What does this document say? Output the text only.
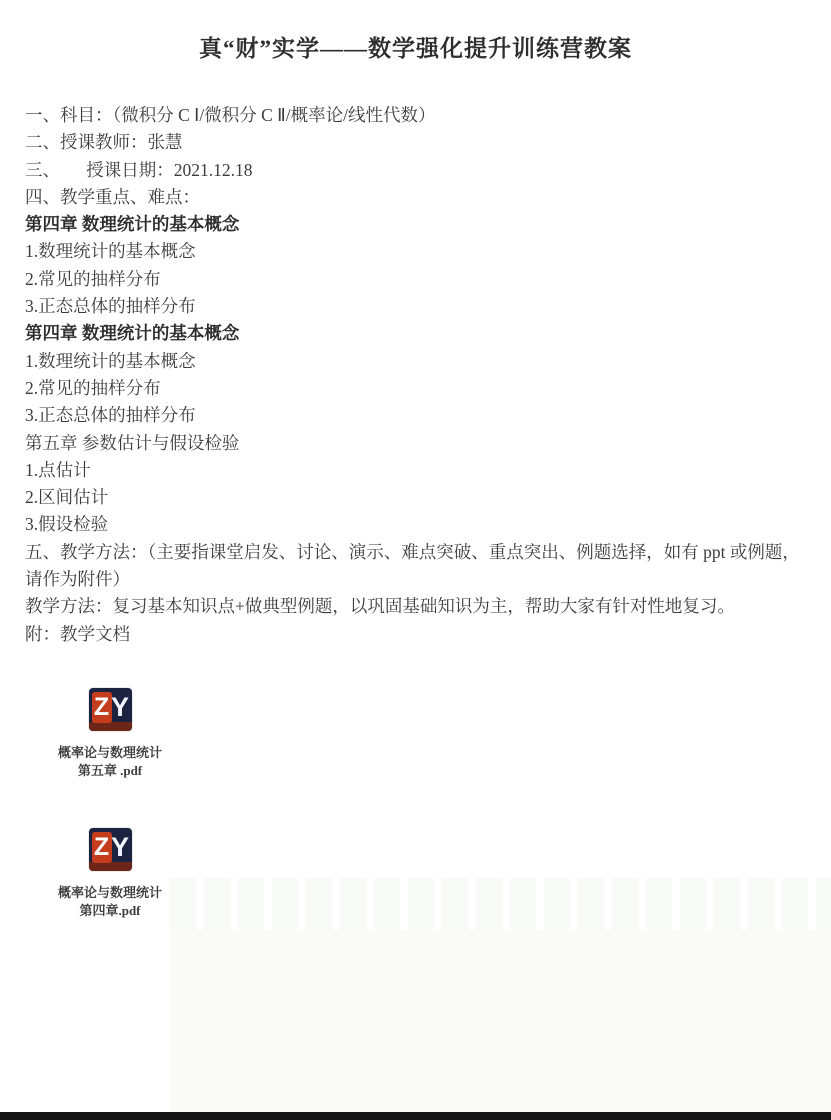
真“财”实学——数学强化提升训练营教案
一、科目：（微积分 C Ⅰ/微积分 C Ⅱ/概率论/线性代数）
二、授课教师：张慧
三、　　授课日期：2021.12.18
四、教学重点、难点：
第四章 数理统计的基本概念
1.数理统计的基本概念
2.常见的抽样分布
3.正态总体的抽样分布
第四章 数理统计的基本概念
1.数理统计的基本概念
2.常见的抽样分布
3.正态总体的抽样分布
第五章 参数估计与假设检验
1.点估计
2.区间估计
3.假设检验
五、教学方法：（主要指课堂启发、讨论、演示、难点突破、重点突出、例题选择，如有 ppt 或例题，请作为附件）
教学方法：复习基本知识点+做典型例题，以巩固基础知识为主，帮助大家有针对性地复习。
附：教学文档
Z Y
概率论与数理统计
第五章 .pdf
Z Y
概率论与数理统计
第四章.pdf
